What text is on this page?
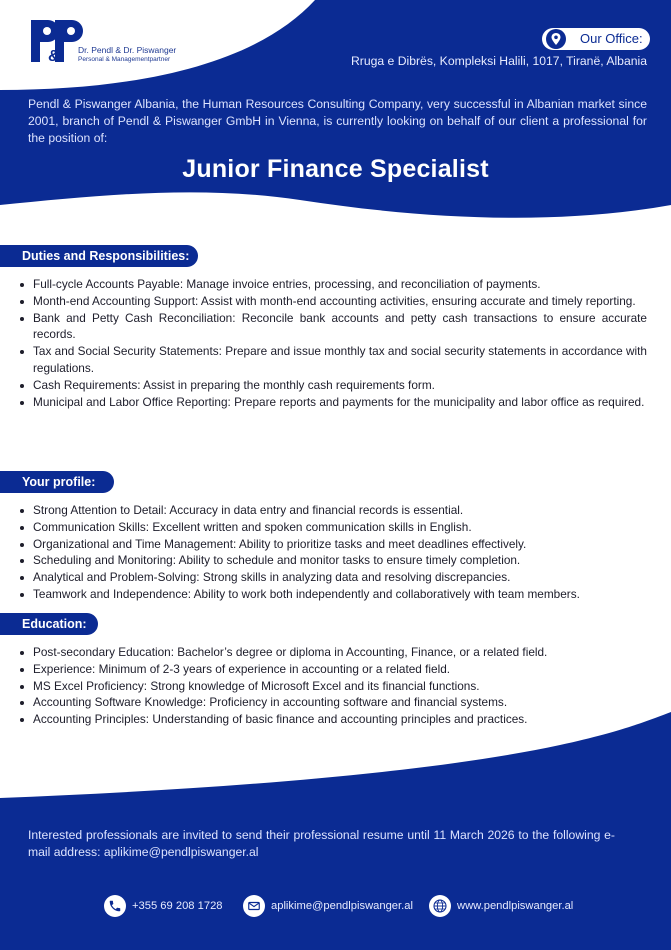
& Dr. Pendl & Dr. Piswanger
Personal & Managementpartner
Our Office:
Rruga e Dibrës, Kompleksi Halili, 1017, Tiranë, Albania
Pendl & Piswanger Albania, the Human Resources Consulting Company, very successful in Albanian market since 2001, branch of Pendl & Piswanger GmbH in Vienna, is currently looking on behalf of our client a professional for the position of:
Junior Finance Specialist
Duties and Responsibilities:
Full-cycle Accounts Payable: Manage invoice entries, processing, and reconciliation of payments.
Month-end Accounting Support: Assist with month-end accounting activities, ensuring accurate and timely reporting.
Bank and Petty Cash Reconciliation: Reconcile bank accounts and petty cash transactions to ensure accurate records.
Tax and Social Security Statements: Prepare and issue monthly tax and social security statements in accordance with regulations.
Cash Requirements: Assist in preparing the monthly cash requirements form.
Municipal and Labor Office Reporting: Prepare reports and payments for the municipality and labor office as required.
Your profile:
Strong Attention to Detail: Accuracy in data entry and financial records is essential.
Communication Skills: Excellent written and spoken communication skills in English.
Organizational and Time Management: Ability to prioritize tasks and meet deadlines effectively.
Scheduling and Monitoring: Ability to schedule and monitor tasks to ensure timely completion.
Analytical and Problem-Solving: Strong skills in analyzing data and resolving discrepancies.
Teamwork and Independence: Ability to work both independently and collaboratively with team members.
Education:
Post-secondary Education: Bachelor’s degree or diploma in Accounting, Finance, or a related field.
Experience: Minimum of 2-3 years of experience in accounting or a related field.
MS Excel Proficiency: Strong knowledge of Microsoft Excel and its financial functions.
Accounting Software Knowledge: Proficiency in accounting software and financial systems.
Accounting Principles: Understanding of basic finance and accounting principles and practices.
Interested professionals are invited to send their professional resume until 11 March 2026 to the following e-mail address: aplikime@pendlpiswanger.al
+355 69 208 1728	aplikime@pendlpiswanger.al	www.pendlpiswanger.al
